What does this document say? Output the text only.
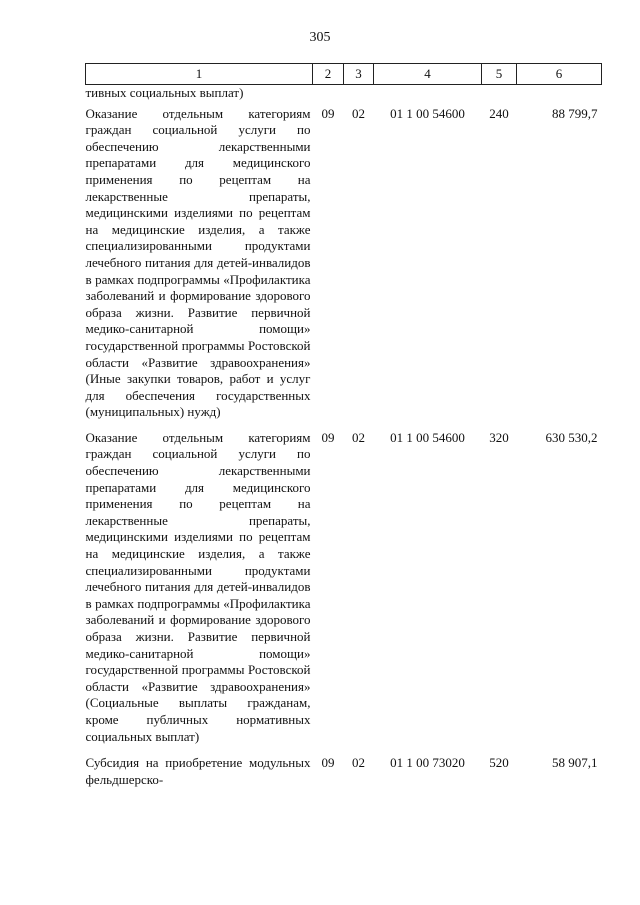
305
1	2	3	4	5	6
тивных социальных выплат)					
Оказание отдельным категориям граждан социальной услуги по обеспечению лекарственными препаратами для медицинского применения по рецептам на лекарственные препараты, медицинскими изделиями по рецептам на медицинские изделия, а также специализированными продуктами лечебного питания для детей-инвалидов в рамках подпрограммы «Профилактика заболеваний и формирование здорового образа жизни. Развитие первичной медико-санитарной помощи» государственной программы Ростовской области «Развитие здравоохранения» (Иные закупки товаров, работ и услуг для обеспечения государственных (муниципальных) нужд)	09	02	01 1 00 54600	240	88 799,7
Оказание отдельным категориям граждан социальной услуги по обеспечению лекарственными препаратами для медицинского применения по рецептам на лекарственные препараты, медицинскими изделиями по рецептам на медицинские изделия, а также специализированными продуктами лечебного питания для детей-инвалидов в рамках подпрограммы «Профилактика заболеваний и формирование здорового образа жизни. Развитие первичной медико-санитарной помощи» государственной программы Ростовской области «Развитие здравоохранения» (Социальные выплаты гражданам, кроме публичных нормативных социальных выплат)	09	02	01 1 00 54600	320	630 530,2
Субсидия на приобретение модульных фельдшерско-	09	02	01 1 00 73020	520	58 907,1
